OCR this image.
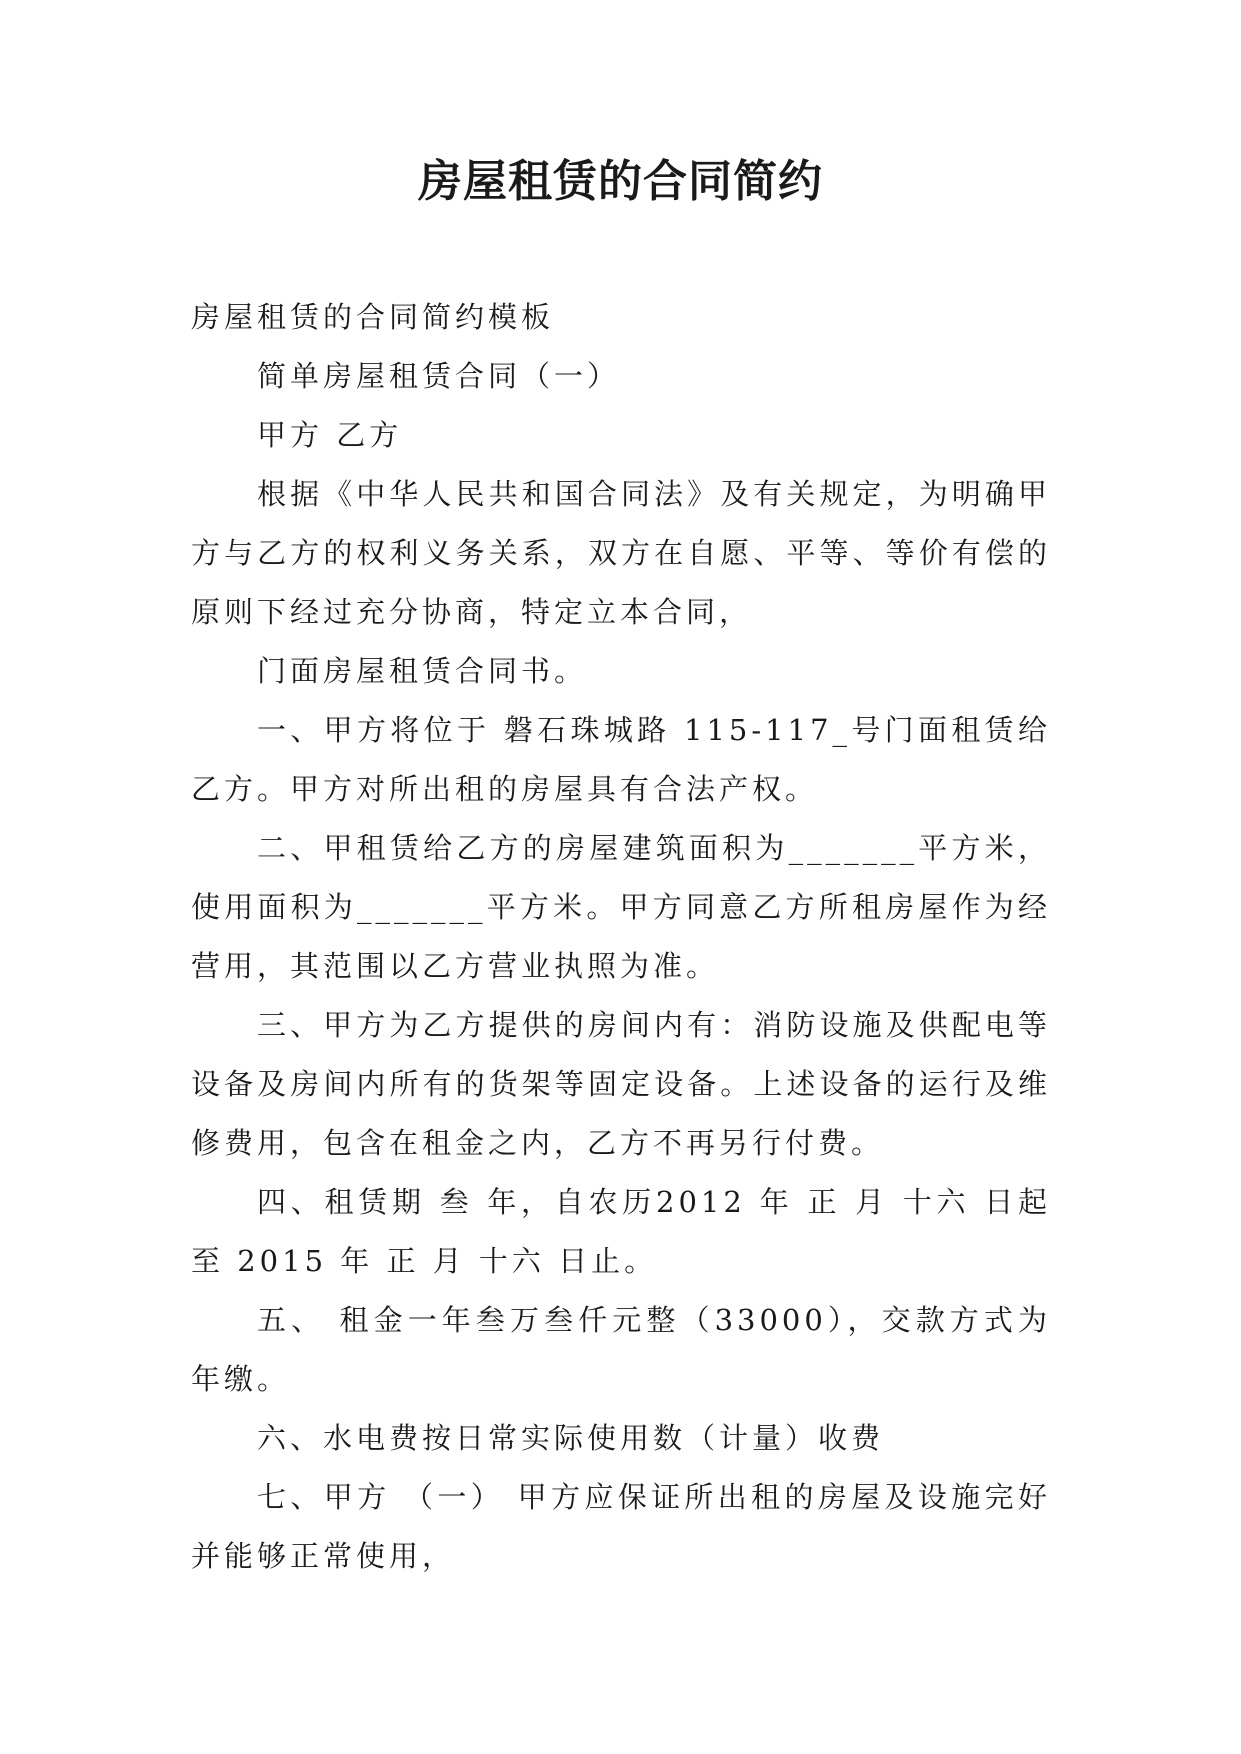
房屋租赁的合同简约

房屋租赁的合同简约模板

简单房屋租赁合同（一）

甲方 乙方

根据《中华人民共和国合同法》及有关规定，为明确甲方与乙方的权利义务关系，双方在自愿、平等、等价有偿的原则下经过充分协商，特定立本合同，

门面房屋租赁合同书。

一、甲方将位于 磐石珠城路 115-117_号门面租赁给乙方。甲方对所出租的房屋具有合法产权。

二、甲租赁给乙方的房屋建筑面积为_______平方米，使用面积为_______平方米。甲方同意乙方所租房屋作为经营用，其范围以乙方营业执照为准。

三、甲方为乙方提供的房间内有：消防设施及供配电等设备及房间内所有的货架等固定设备。上述设备的运行及维修费用，包含在租金之内，乙方不再另行付费。

四、租赁期 叁 年，自农历2012 年 正 月 十六 日起至 2015 年 正 月 十六 日止。

五、 租金一年叁万叁仟元整（33000），交款方式为年缴。

六、水电费按日常实际使用数（计量）收费

七、甲方 （一） 甲方应保证所出租的房屋及设施完好并能够正常使用，
